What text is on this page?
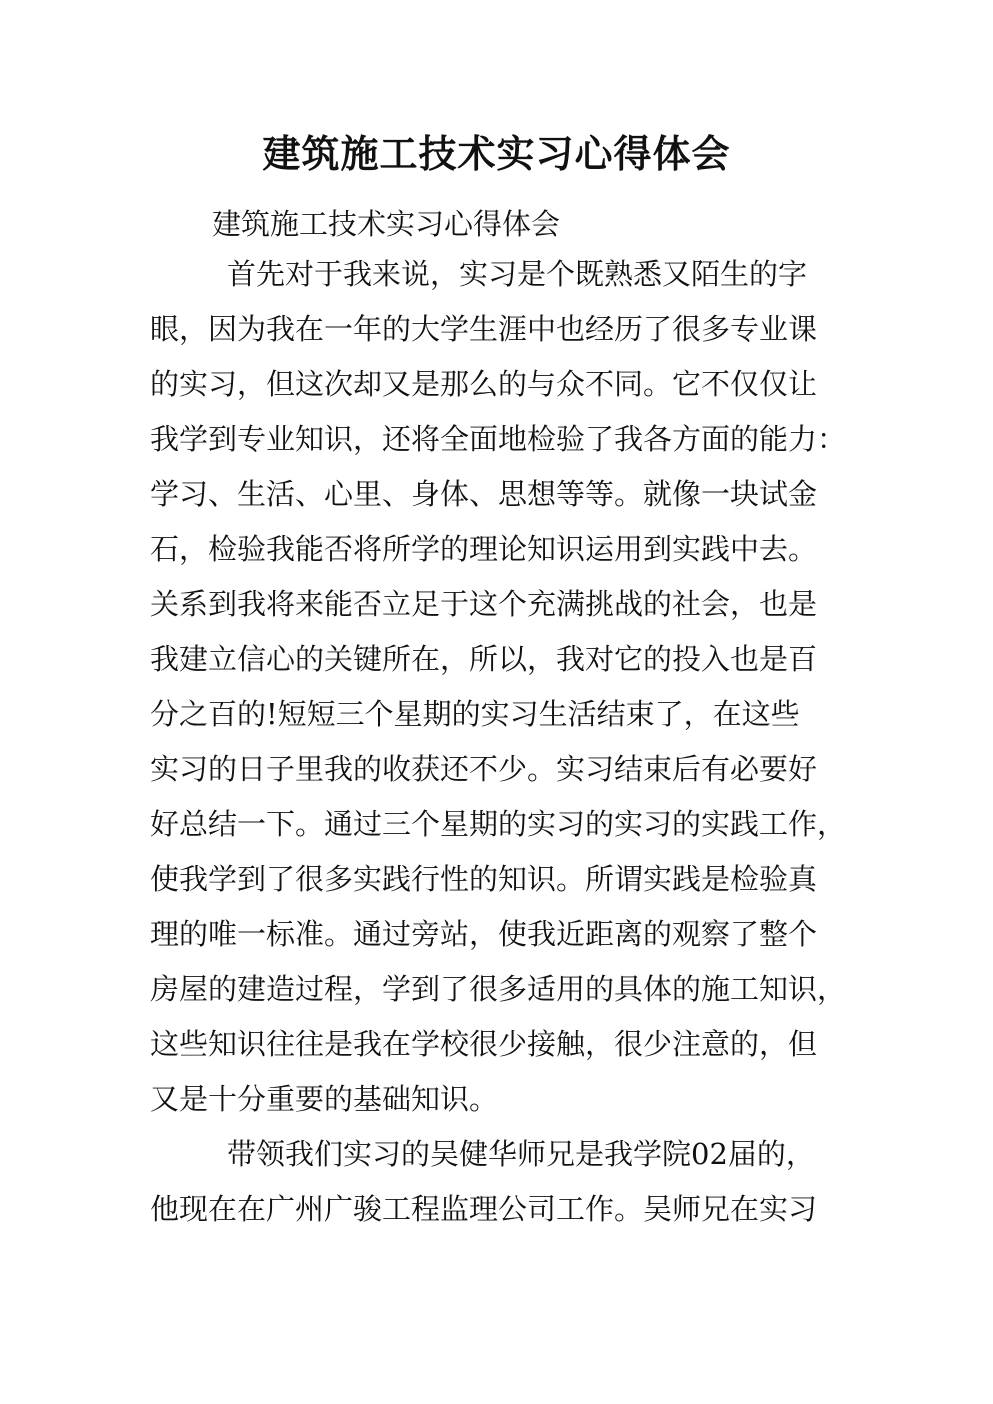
建筑施工技术实习心得体会
建筑施工技术实习心得体会
首先对于我来说，实习是个既熟悉又陌生的字
眼，因为我在一年的大学生涯中也经历了很多专业课
的实习，但这次却又是那么的与众不同。它不仅仅让
我学到专业知识，还将全面地检验了我各方面的能力：
学习、生活、心里、身体、思想等等。就像一块试金
石，检验我能否将所学的理论知识运用到实践中去。
关系到我将来能否立足于这个充满挑战的社会，也是
我建立信心的关键所在，所以，我对它的投入也是百
分之百的!短短三个星期的实习生活结束了，在这些
实习的日子里我的收获还不少。实习结束后有必要好
好总结一下。通过三个星期的实习的实习的实践工作，
使我学到了很多实践行性的知识。所谓实践是检验真
理的唯一标准。通过旁站，使我近距离的观察了整个
房屋的建造过程，学到了很多适用的具体的施工知识，
这些知识往往是我在学校很少接触，很少注意的，但
又是十分重要的基础知识。
带领我们实习的吴健华师兄是我学院02届的，
他现在在广州广骏工程监理公司工作。吴师兄在实习
